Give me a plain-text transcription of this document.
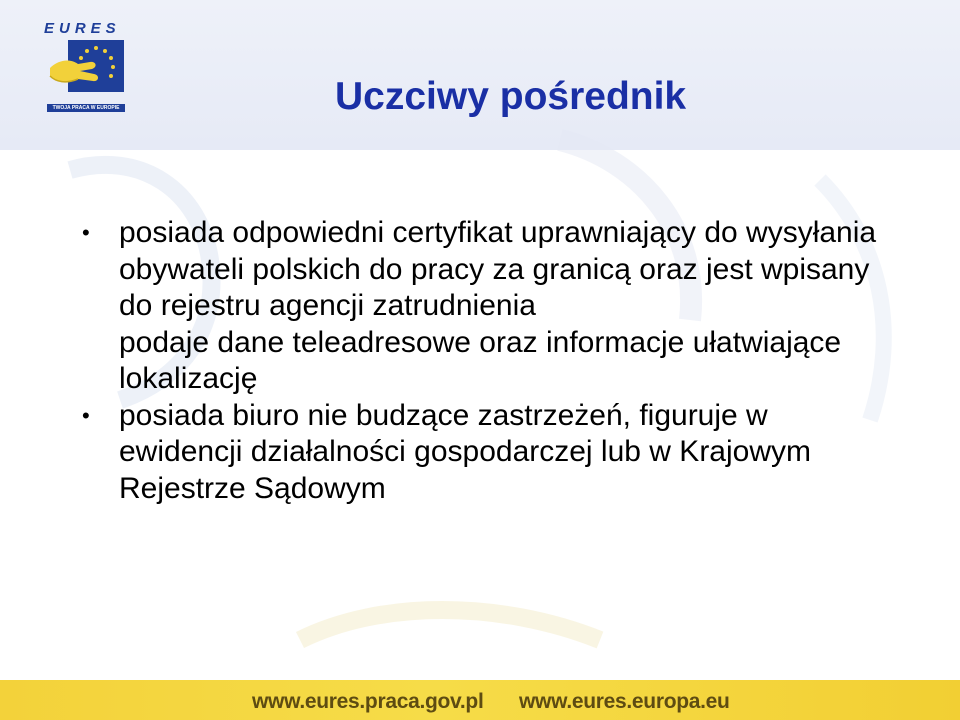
EURES
TWOJA PRACA W EUROPIE	Uczciwy pośrednik

• posiada odpowiedni certyfikat uprawniający do wysyłania obywateli polskich do pracy za granicą oraz jest wpisany do rejestru agencji zatrudnienia

podaje dane teleadresowe oraz informacje ułatwiające lokalizację

• posiada biuro nie budzące zastrzeżeń, figuruje w ewidencji działalności gospodarczej lub w Krajowym Rejestrze Sądowym

www.eures.praca.gov.pl www.eures.europa.eu
